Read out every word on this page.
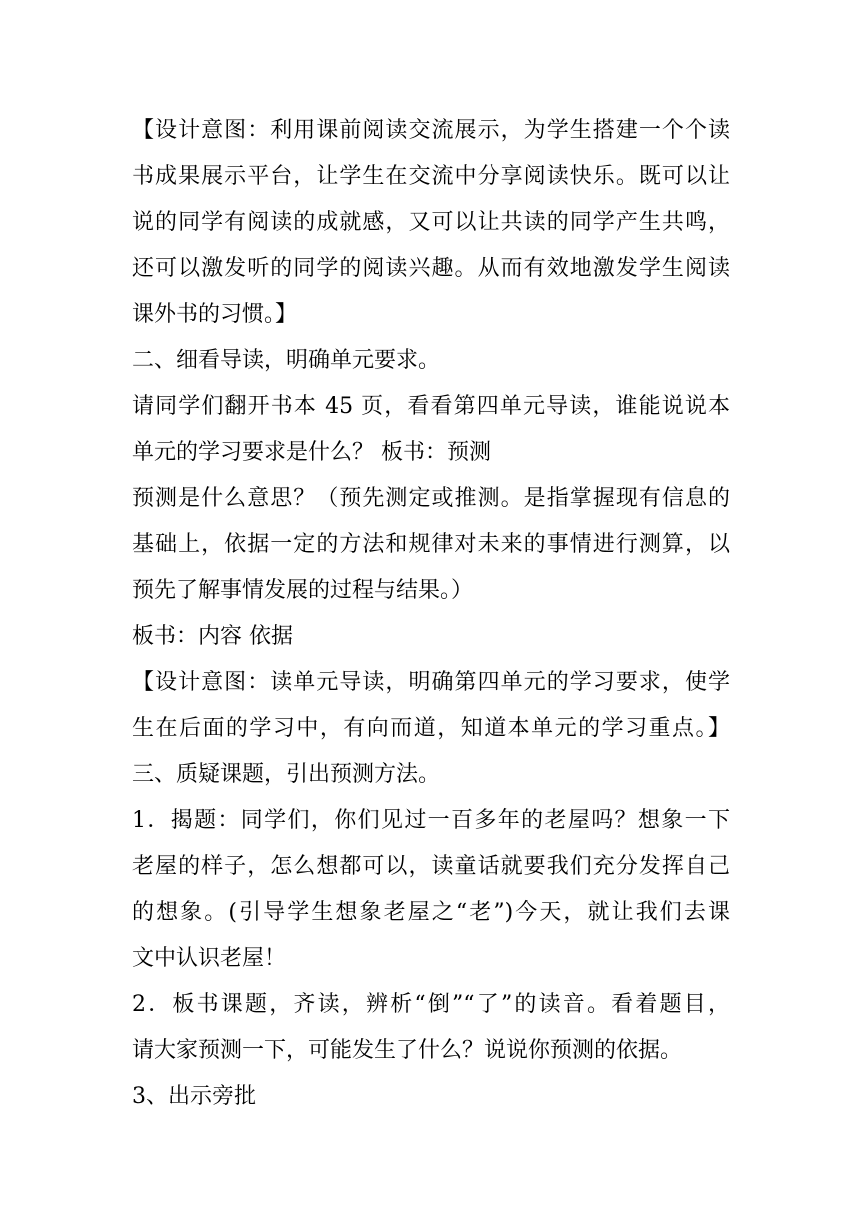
【设计意图：利用课前阅读交流展示，为学生搭建一个个读
书成果展示平台，让学生在交流中分享阅读快乐。既可以让
说的同学有阅读的成就感，又可以让共读的同学产生共鸣，
还可以激发听的同学的阅读兴趣。从而有效地激发学生阅读
课外书的习惯。】
二、细看导读，明确单元要求。
请同学们翻开书本 45 页，看看第四单元导读，谁能说说本
单元的学习要求是什么？ 板书：预测
预测是什么意思？（预先测定或推测。是指掌握现有信息的
基础上，依据一定的方法和规律对未来的事情进行测算，以
预先了解事情发展的过程与结果。）
板书：内容 依据
【设计意图：读单元导读，明确第四单元的学习要求，使学
生在后面的学习中，有向而道，知道本单元的学习重点。】
三、质疑课题，引出预测方法。
1．揭题：同学们，你们见过一百多年的老屋吗？想象一下
老屋的样子，怎么想都可以，读童话就要我们充分发挥自己
的想象。(引导学生想象老屋之“老”)今天，就让我们去课
文中认识老屋！
2．板书课题，齐读，辨析“倒”“了”的读音。看着题目，
请大家预测一下，可能发生了什么？说说你预测的依据。
3、出示旁批
